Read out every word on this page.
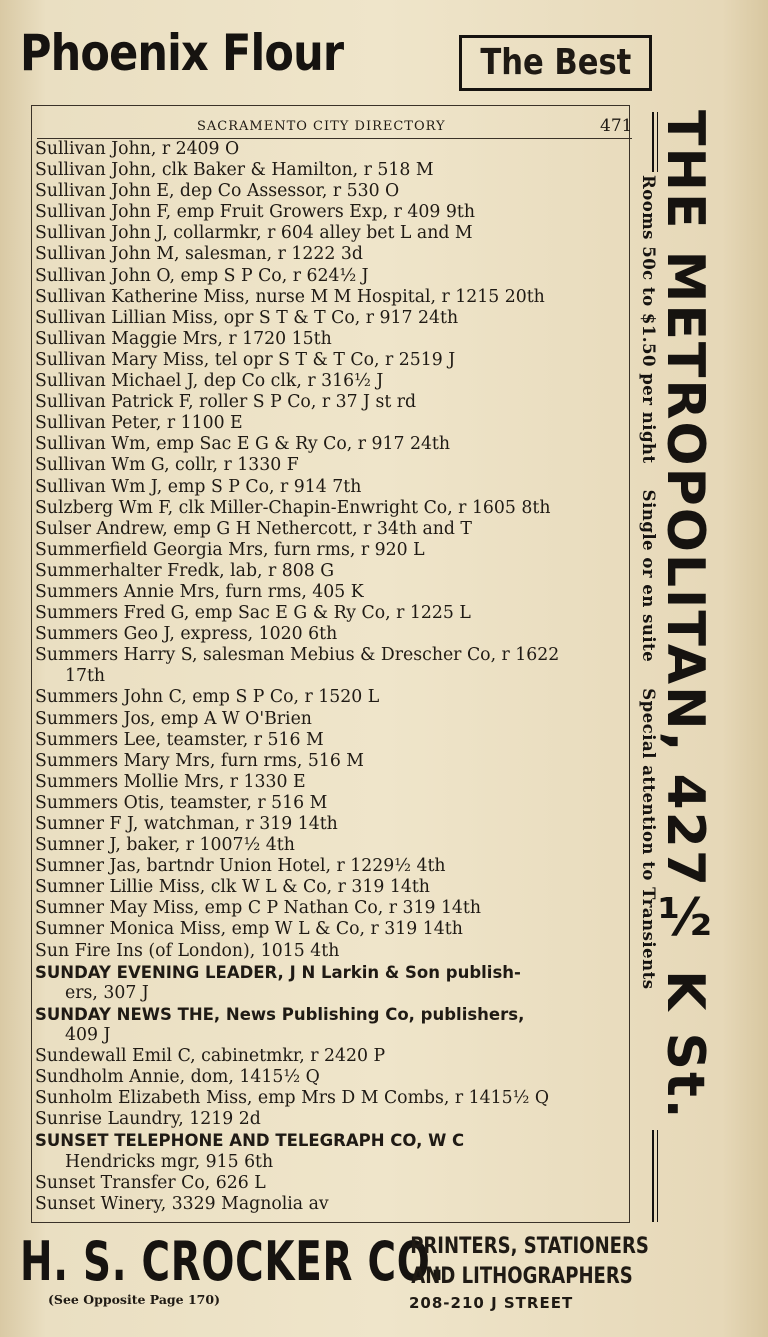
Phoenix Flour	The Best
SACRAMENTO CITY DIRECTORY	471
Sullivan John, r 2409 O
Sullivan John, clk Baker & Hamilton, r 518 M
Sullivan John E, dep Co Assessor, r 530 O
Sullivan John F, emp Fruit Growers Exp, r 409 9th
Sullivan John J, collarmkr, r 604 alley bet L and M
Sullivan John M, salesman, r 1222 3d
Sullivan John O, emp S P Co, r 624½ J
Sullivan Katherine Miss, nurse M M Hospital, r 1215 20th
Sullivan Lillian Miss, opr S T & T Co, r 917 24th
Sullivan Maggie Mrs, r 1720 15th
Sullivan Mary Miss, tel opr S T & T Co, r 2519 J
Sullivan Michael J, dep Co clk, r 316½ J
Sullivan Patrick F, roller S P Co, r 37 J st rd
Sullivan Peter, r 1100 E
Sullivan Wm, emp Sac E G & Ry Co, r 917 24th
Sullivan Wm G, collr, r 1330 F
Sullivan Wm J, emp S P Co, r 914 7th
Sulzberg Wm F, clk Miller-Chapin-Enwright Co, r 1605 8th
Sulser Andrew, emp G H Nethercott, r 34th and T
Summerfield Georgia Mrs, furn rms, r 920 L
Summerhalter Fredk, lab, r 808 G
Summers Annie Mrs, furn rms, 405 K
Summers Fred G, emp Sac E G & Ry Co, r 1225 L
Summers Geo J, express, 1020 6th
Summers Harry S, salesman Mebius & Drescher Co, r 1622
17th
Summers John C, emp S P Co, r 1520 L
Summers Jos, emp A W O'Brien
Summers Lee, teamster, r 516 M
Summers Mary Mrs, furn rms, 516 M
Summers Mollie Mrs, r 1330 E
Summers Otis, teamster, r 516 M
Sumner F J, watchman, r 319 14th
Sumner J, baker, r 1007½ 4th
Sumner Jas, bartndr Union Hotel, r 1229½ 4th
Sumner Lillie Miss, clk W L & Co, r 319 14th
Sumner May Miss, emp C P Nathan Co, r 319 14th
Sumner Monica Miss, emp W L & Co, r 319 14th
Sun Fire Ins (of London), 1015 4th
SUNDAY EVENING LEADER, J N Larkin & Son publish-
ers, 307 J
SUNDAY NEWS THE, News Publishing Co, publishers,
409 J
Sundewall Emil C, cabinetmkr, r 2420 P
Sundholm Annie, dom, 1415½ Q
Sunholm Elizabeth Miss, emp Mrs D M Combs, r 1415½ Q
Sunrise Laundry, 1219 2d
SUNSET TELEPHONE AND TELEGRAPH CO, W C
Hendricks mgr, 915 6th
Sunset Transfer Co, 626 L
Sunset Winery, 3329 Magnolia av
THE METROPOLITAN, 427½ K St.
Rooms 50c to $1.50 per nightSingle or en suiteSpecial attention to Transients
H. S. CROCKER CO.
(See Opposite Page 170)
PRINTERS, STATIONERS
AND LITHOGRAPHERS
208-210 J STREET
